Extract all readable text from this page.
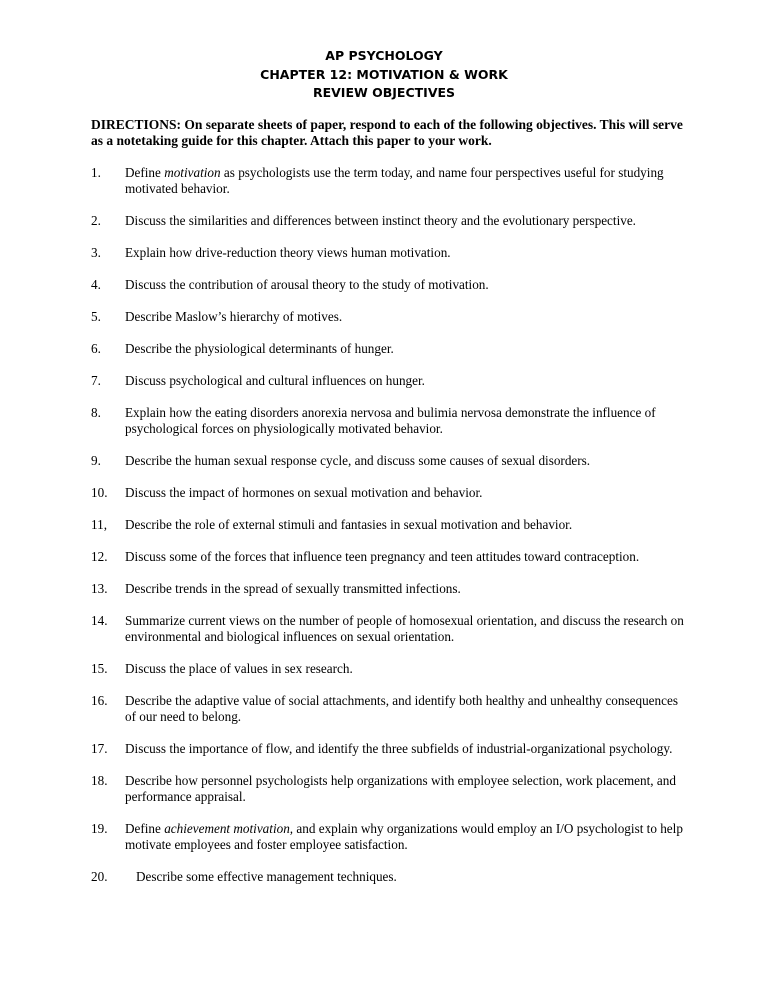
AP PSYCHOLOGY
CHAPTER 12: MOTIVATION & WORK
REVIEW OBJECTIVES
DIRECTIONS: On separate sheets of paper, respond to each of the following objectives. This will serve as a notetaking guide for this chapter. Attach this paper to your work.
1. Define motivation as psychologists use the term today, and name four perspectives useful for studying motivated behavior.
2. Discuss the similarities and differences between instinct theory and the evolutionary perspective.
3. Explain how drive-reduction theory views human motivation.
4. Discuss the contribution of arousal theory to the study of motivation.
5. Describe Maslow’s hierarchy of motives.
6. Describe the physiological determinants of hunger.
7. Discuss psychological and cultural influences on hunger.
8. Explain how the eating disorders anorexia nervosa and bulimia nervosa demonstrate the influence of psychological forces on physiologically motivated behavior.
9. Describe the human sexual response cycle, and discuss some causes of sexual disorders.
10. Discuss the impact of hormones on sexual motivation and behavior.
11, Describe the role of external stimuli and fantasies in sexual motivation and behavior.
12. Discuss some of the forces that influence teen pregnancy and teen attitudes toward contraception.
13. Describe trends in the spread of sexually transmitted infections.
14. Summarize current views on the number of people of homosexual orientation, and discuss the research on environmental and biological influences on sexual orientation.
15. Discuss the place of values in sex research.
16. Describe the adaptive value of social attachments, and identify both healthy and unhealthy consequences of our need to belong.
17. Discuss the importance of flow, and identify the three subfields of industrial-organizational psychology.
18. Describe how personnel psychologists help organizations with employee selection, work placement, and performance appraisal.
19. Define achievement motivation, and explain why organizations would employ an I/O psychologist to help motivate employees and foster employee satisfaction.
20.	Describe some effective management techniques.
